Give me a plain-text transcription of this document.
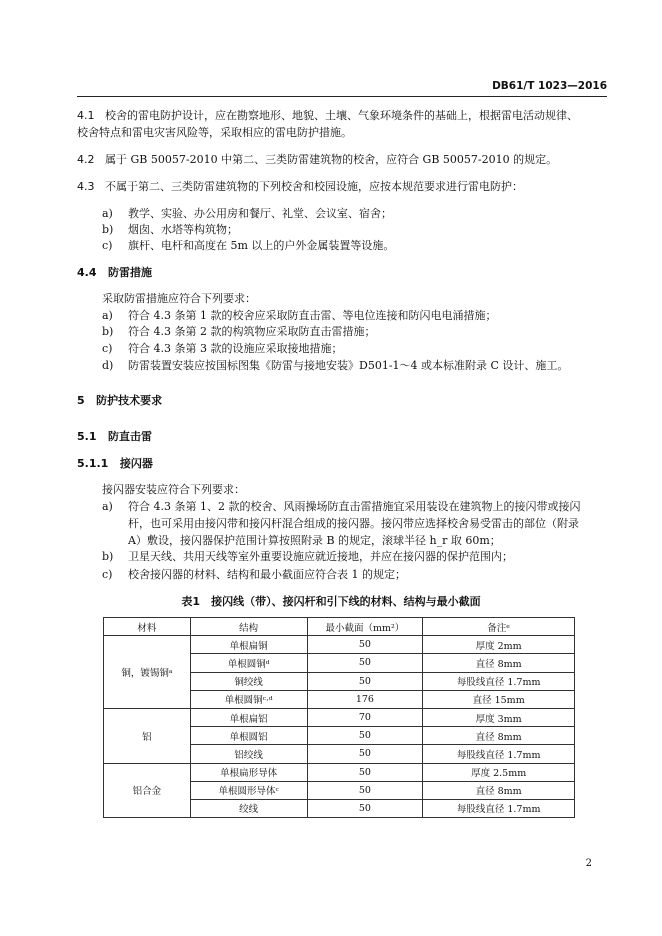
DB61/T 1023—2016
4.1 校舍的雷电防护设计，应在勘察地形、地貌、土壤、气象环境条件的基础上，根据雷电活动规律、
校舍特点和雷电灾害风险等，采取相应的雷电防护措施。
4.2 属于 GB 50057-2010 中第二、三类防雷建筑物的校舍，应符合 GB 50057-2010 的规定。
4.3 不属于第二、三类防雷建筑物的下列校舍和校园设施，应按本规范要求进行雷电防护：
a) 教学、实验、办公用房和餐厅、礼堂、会议室、宿舍；
b) 烟囱、水塔等构筑物；
c) 旗杆、电杆和高度在 5m 以上的户外金属装置等设施。
4.4 防雷措施
采取防雷措施应符合下列要求：
a) 符合 4.3 条第 1 款的校舍应采取防直击雷、等电位连接和防闪电电涌措施；
b) 符合 4.3 条第 2 款的构筑物应采取防直击雷措施；
c) 符合 4.3 条第 3 款的设施应采取接地措施；
d) 防雷装置安装应按国标图集《防雷与接地安装》D501-1～4 或本标准附录 C 设计、施工。
5 防护技术要求
5.1 防直击雷
5.1.1 接闪器
接闪器安装应符合下列要求：
a) 符合 4.3 条第 1、2 款的校舍、风雨操场防直击雷措施宜采用装设在建筑物上的接闪带或接闪
杆，也可采用由接闪带和接闪杆混合组成的接闪器。接闪带应选择校舍易受雷击的部位（附录
A）敷设，接闪器保护范围计算按照附录 B 的规定，滚球半径 h_r 取 60m；
b) 卫星天线、共用天线等室外重要设施应就近接地，并应在接闪器的保护范围内；
c) 校舍接闪器的材料、结构和最小截面应符合表 1 的规定；
表1　接闪线（带）、接闪杆和引下线的材料、结构与最小截面
材料	结构	最小截面（mm²）	备注ᵉ
铜，镀锡铜ᵃ	单根扁铜	50	厚度 2mm
	单根圆铜ᵈ	50	直径 8mm
	铜绞线	50	每股线直径 1.7mm
	单根圆铜ᶜ·ᵈ	176	直径 15mm
铝	单根扁铝	70	厚度 3mm
	单根圆铝	50	直径 8mm
	铝绞线	50	每股线直径 1.7mm
铝合金	单根扁形导体	50	厚度 2.5mm
	单根圆形导体ᶜ	50	直径 8mm
	绞线	50	每股线直径 1.7mm
2
